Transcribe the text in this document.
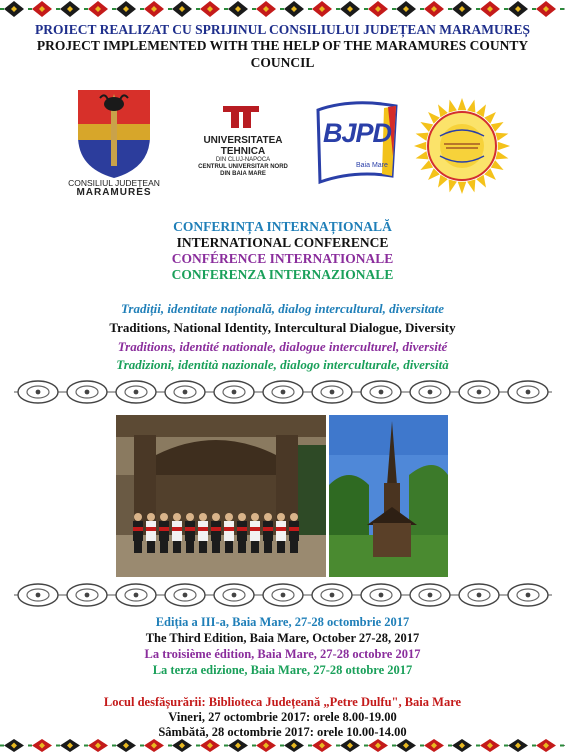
PROIECT REALIZAT CU SPRIJINUL CONSILIULUI JUDEȚEAN MARAMUREȘ
PROJECT IMPLEMENTED WITH THE HELP OF THE MARAMURES COUNTY
COUNCIL
CONSILIUL JUDEȚEAN
MARAMURES
UNIVERSITATEA
TEHNICA
DIN CLUJ-NAPOCA
CENTRUL UNIVERSITAR NORD
DIN BAIA MARE
BJPD
Baia Mare
CONFERINȚA INTERNAȚIONALĂ
INTERNATIONAL CONFERENCE
CONFÉRENCE INTERNATIONALE
CONFERENZA INTERNAZIONALE
Tradiții, identitate națională, dialog intercultural, diversitate
Traditions, National Identity, Intercultural Dialogue, Diversity
Traditions, identité nationale, dialogue interculturel, diversité
Tradizioni, identità nazionale, dialogo interculturale, diversità
Ediția a III-a, Baia Mare, 27-28 octombrie 2017
The Third Edition, Baia Mare, October 27-28, 2017
La troisième édition, Baia Mare, 27-28 octobre 2017
La terza edizione, Baia Mare, 27-28 ottobre 2017
Locul desfășurării: Biblioteca Județeană „Petre Dulfu", Baia Mare
Vineri, 27 octombrie 2017: orele 8.00-19.00
Sâmbătă, 28 octombrie 2017: orele 10.00-14.00
